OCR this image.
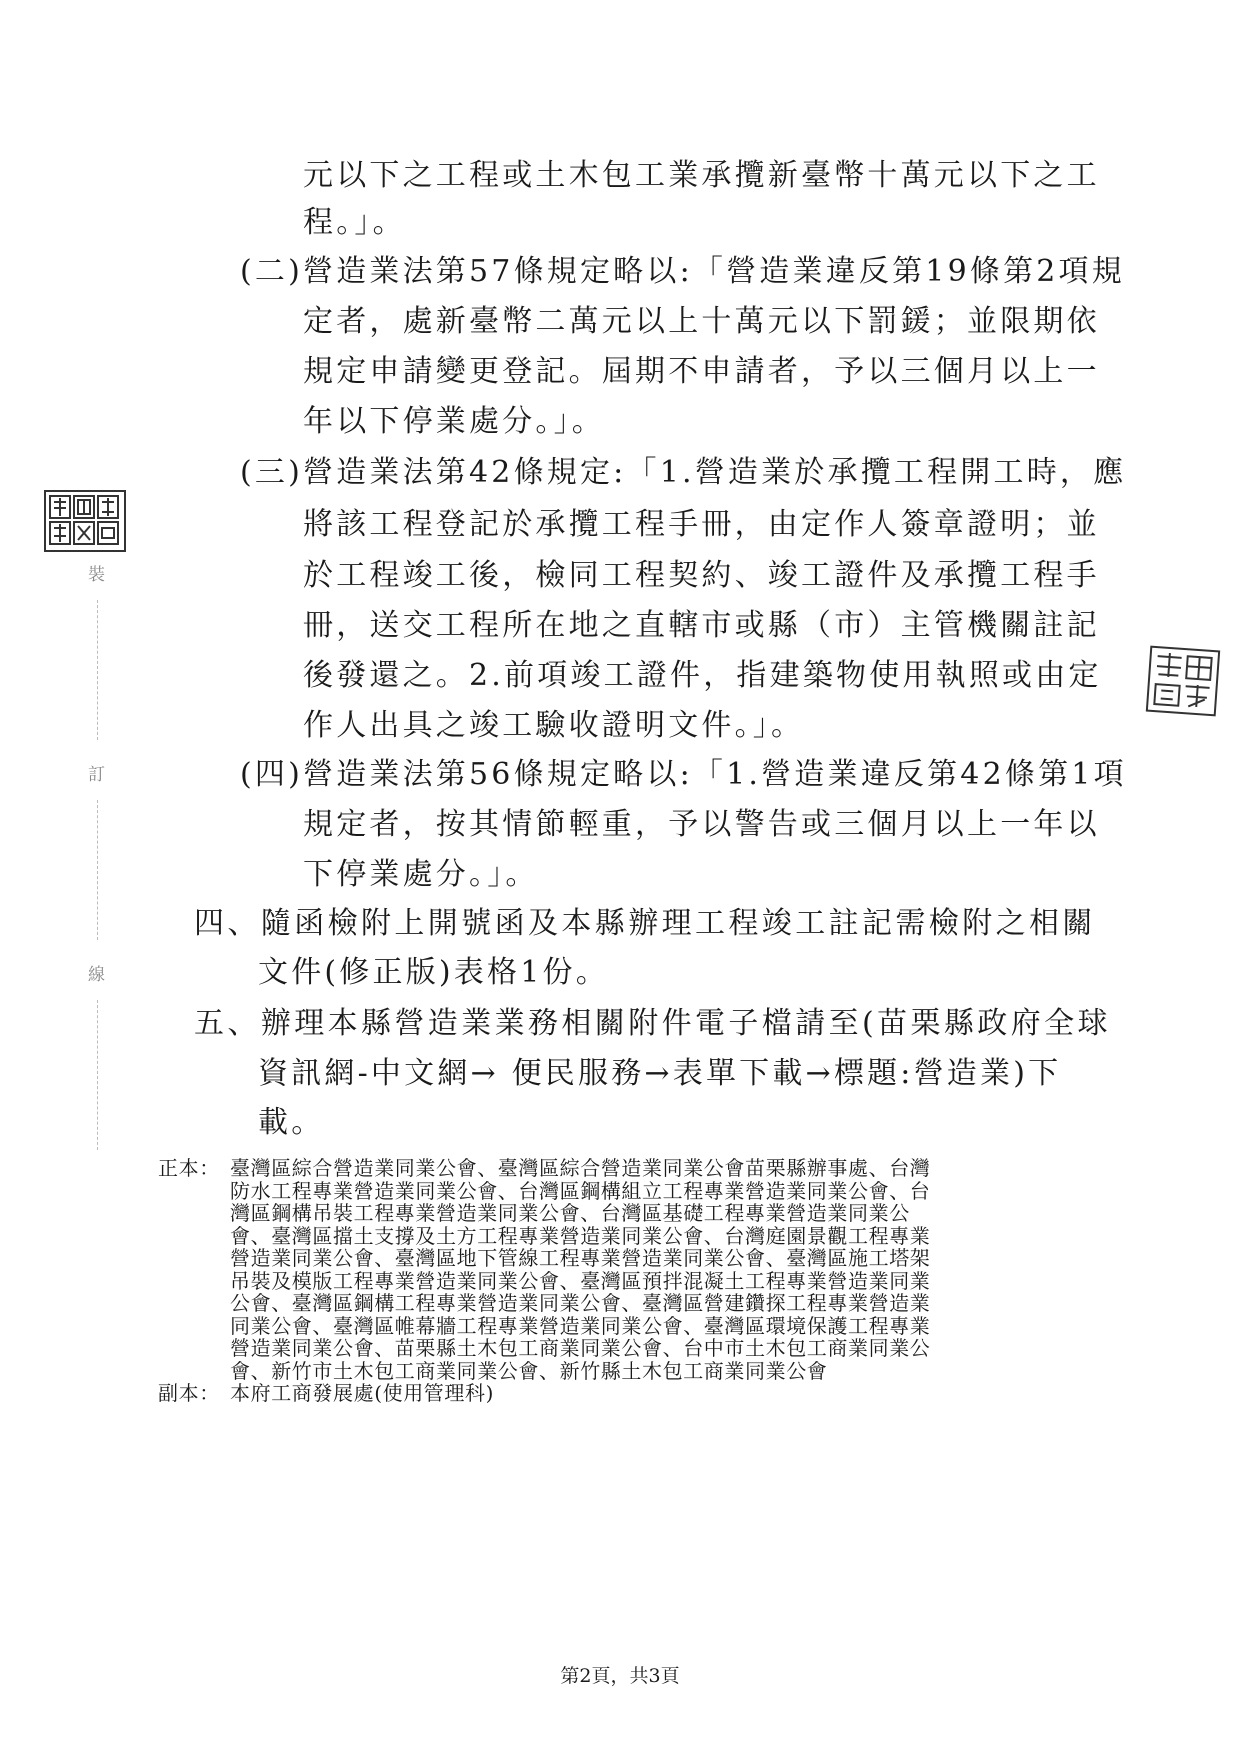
裝
訂
線
元以下之工程或土木包工業承攬新臺幣十萬元以下之工
程。」。
(二)營造業法第57條規定略以:「營造業違反第19條第2項規
定者，處新臺幣二萬元以上十萬元以下罰鍰；並限期依
規定申請變更登記。屆期不申請者，予以三個月以上一
年以下停業處分。」。
(三)營造業法第42條規定:「1.營造業於承攬工程開工時，應
將該工程登記於承攬工程手冊，由定作人簽章證明；並
於工程竣工後，檢同工程契約、竣工證件及承攬工程手
冊，送交工程所在地之直轄市或縣（市）主管機關註記
後發還之。2.前項竣工證件，指建築物使用執照或由定
作人出具之竣工驗收證明文件。」。
(四)營造業法第56條規定略以:「1.營造業違反第42條第1項
規定者，按其情節輕重，予以警告或三個月以上一年以
下停業處分。」。
四、隨函檢附上開號函及本縣辦理工程竣工註記需檢附之相關
文件(修正版)表格1份。
五、辦理本縣營造業業務相關附件電子檔請至(苗栗縣政府全球
資訊網-中文網→ 便民服務→表單下載→標題:營造業)下
載。
正本： 臺灣區綜合營造業同業公會、臺灣區綜合營造業同業公會苗栗縣辦事處、台灣
防水工程專業營造業同業公會、台灣區鋼構組立工程專業營造業同業公會、台
灣區鋼構吊裝工程專業營造業同業公會、台灣區基礎工程專業營造業同業公
會、臺灣區擋土支撐及土方工程專業營造業同業公會、台灣庭園景觀工程專業
營造業同業公會、臺灣區地下管線工程專業營造業同業公會、臺灣區施工塔架
吊裝及模版工程專業營造業同業公會、臺灣區預拌混凝土工程專業營造業同業
公會、臺灣區鋼構工程專業營造業同業公會、臺灣區營建鑽探工程專業營造業
同業公會、臺灣區帷幕牆工程專業營造業同業公會、臺灣區環境保護工程專業
營造業同業公會、苗栗縣土木包工商業同業公會、台中市土木包工商業同業公
會、新竹市土木包工商業同業公會、新竹縣土木包工商業同業公會
副本： 本府工商發展處(使用管理科)
第2頁，共3頁
